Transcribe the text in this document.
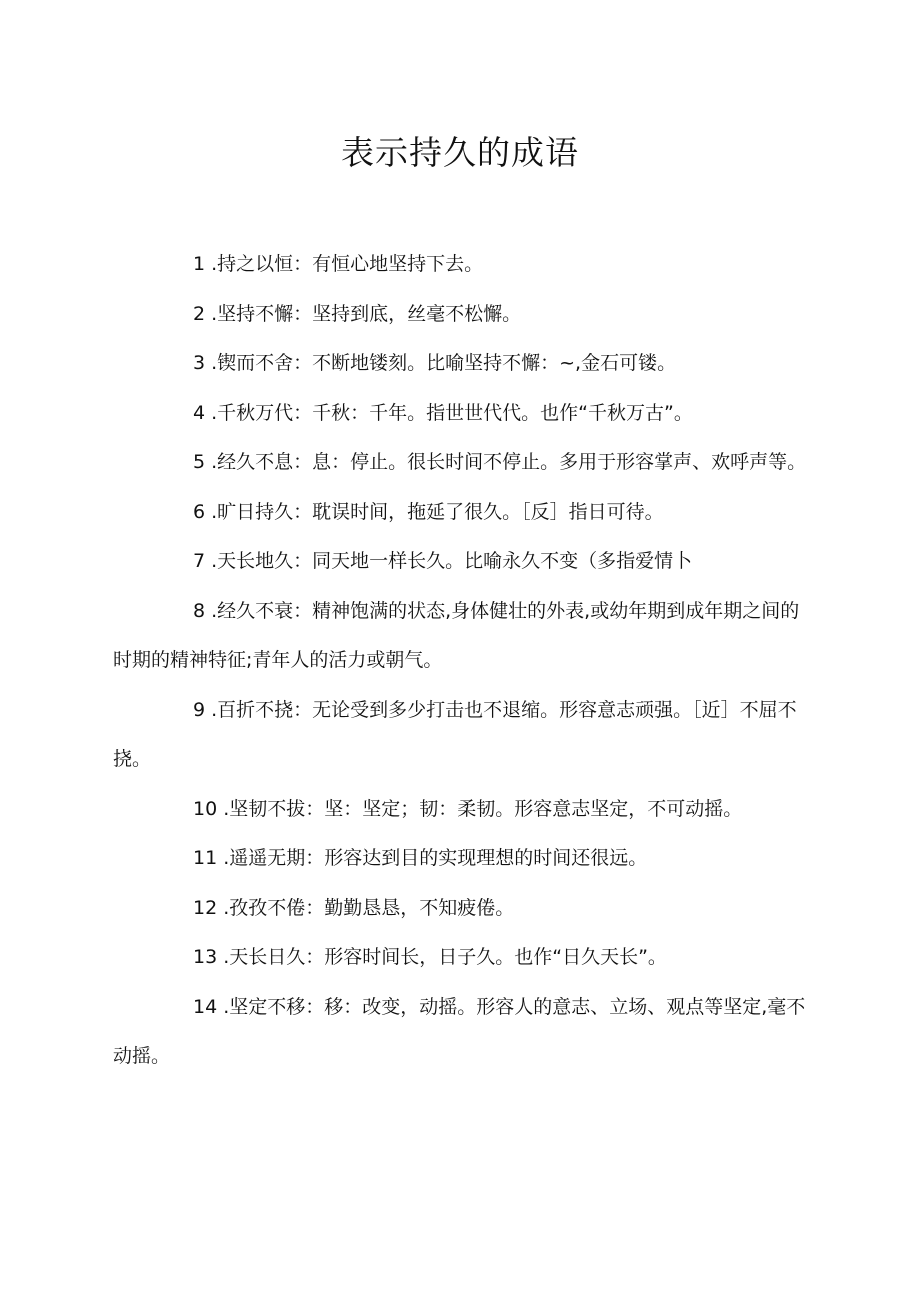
表示持久的成语

1 .持之以恒：有恒心地坚持下去。

2 .坚持不懈：坚持到底，丝毫不松懈。

3 .锲而不舍：不断地镂刻。比喻坚持不懈：~,金石可镂。

4 .千秋万代：千秋：千年。指世世代代。也作“千秋万古”。

5 .经久不息：息：停止。很长时间不停止。多用于形容掌声、欢呼声等。

6 .旷日持久：耽误时间，拖延了很久。［反］指日可待。

7 .天长地久：同天地一样长久。比喻永久不变（多指爱情卜

8 .经久不衰：精神饱满的状态,身体健壮的外表,或幼年期到成年期之间的时期的精神特征;青年人的活力或朝气。

9 .百折不挠：无论受到多少打击也不退缩。形容意志顽强。［近］不屈不挠。

10 .坚韧不拔：坚：坚定；韧：柔韧。形容意志坚定，不可动摇。

11 .遥遥无期：形容达到目的实现理想的时间还很远。

12 .孜孜不倦：勤勤恳恳，不知疲倦。

13 .天长日久：形容时间长，日子久。也作“日久天长”。

14 .坚定不移：移：改变，动摇。形容人的意志、立场、观点等坚定,毫不动摇。
